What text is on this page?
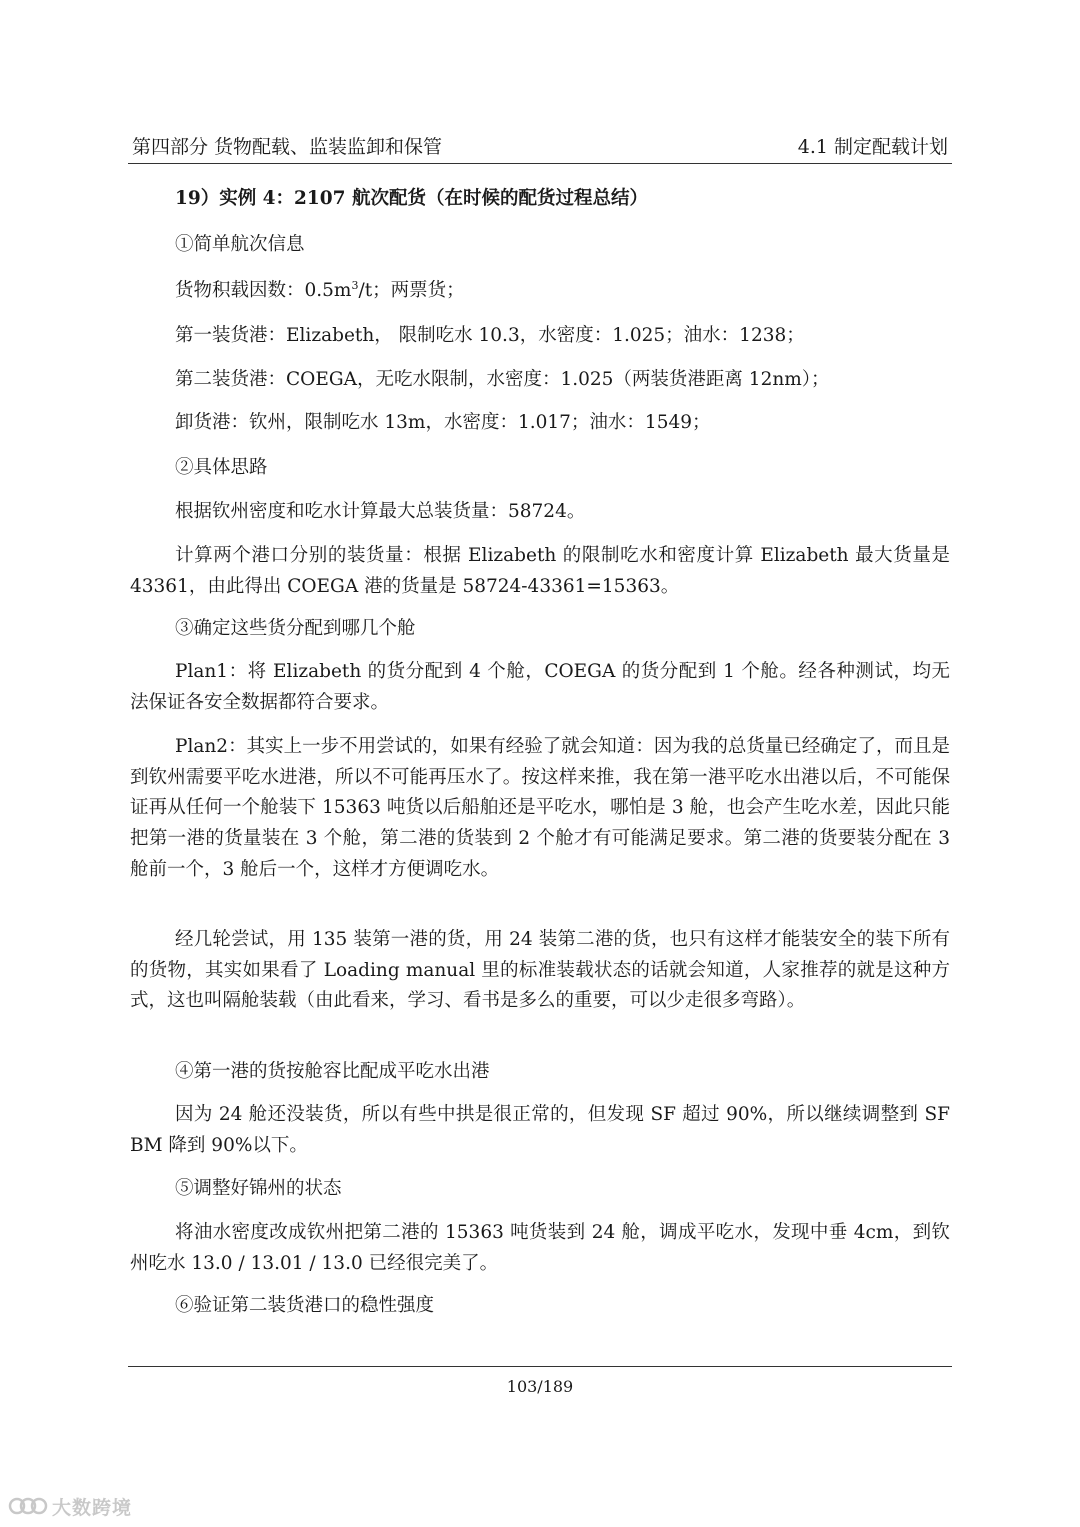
第四部分 货物配载、监装监卸和保管	4.1 制定配载计划
19）实例 4：2107 航次配货（在时候的配货过程总结）
①简单航次信息
货物积载因数：$0.5m^3/t$；两票货；
第一装货港：Elizabeth， 限制吃水 10.3，水密度：1.025；油水：1238；
第二装货港：COEGA，无吃水限制，水密度：1.025（两装货港距离 12nm）；
卸货港：钦州，限制吃水 13m，水密度：1.017；油水：1549；
②具体思路
根据钦州密度和吃水计算最大总装货量：58724。
计算两个港口分别的装货量：根据 Elizabeth 的限制吃水和密度计算 Elizabeth 最大货量是 43361，由此得出 COEGA 港的货量是 58724-43361=15363。
③确定这些货分配到哪几个舱
Plan1：将 Elizabeth 的货分配到 4 个舱，COEGA 的货分配到 1 个舱。经各种测试，均无法保证各安全数据都符合要求。
Plan2：其实上一步不用尝试的，如果有经验了就会知道：因为我的总货量已经确定了，而且是到钦州需要平吃水进港，所以不可能再压水了。按这样来推，我在第一港平吃水出港以后，不可能保证再从任何一个舱装下 15363 吨货以后船舶还是平吃水，哪怕是 3 舱，也会产生吃水差，因此只能把第一港的货量装在 3 个舱，第二港的货装到 2 个舱才有可能满足要求。第二港的货要装分配在 3 舱前一个，3 舱后一个，这样才方便调吃水。
经几轮尝试，用 135 装第一港的货，用 24 装第二港的货，也只有这样才能装安全的装下所有的货物，其实如果看了 Loading manual 里的标准装载状态的话就会知道，人家推荐的就是这种方式，这也叫隔舱装载（由此看来，学习、看书是多么的重要，可以少走很多弯路）。
④第一港的货按舱容比配成平吃水出港
因为 24 舱还没装货，所以有些中拱是很正常的，但发现 SF 超过 90%，所以继续调整到 SF BM 降到 90%以下。
⑤调整好锦州的状态
将油水密度改成钦州把第二港的 15363 吨货装到 24 舱，调成平吃水，发现中垂 4cm，到钦州吃水 13.0 / 13.01 / 13.0 已经很完美了。
⑥验证第二装货港口的稳性强度
103/189
大数跨境
